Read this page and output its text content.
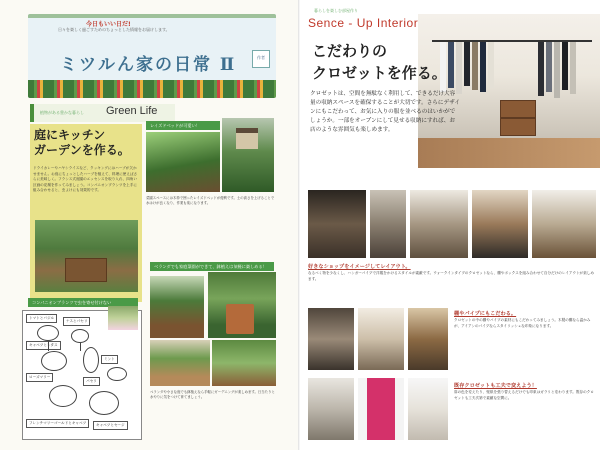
今日もいい日だ!
日々を楽しく過ごすためのちょっとした情報をお届けします。
ミツルん家の日常 Ⅱ	作者
植物がある豊かな暮らし Green Life
庭にキッチン
ガーデンを作る。
ドライカレーやハヤシライスなど、クッキングにはハーブが欠かせません。お庭にちょっとしたハーブを植えて、料理に使えばさらに美味しく。フランス式庭園のエッセンスを取り入れ、四角い区画の花壇を作ってみましょう。コンパニオンプランツを上手に組み合わせると、虫よけにも効果的です。
レイズドベッドが可愛い！
菜園スペースには木枠で囲ったレイズドベッドが便利です。土の高さを上げることで水はけが良くなり、作業も楽になります。
ベランダでも家庭菜園ができて、鉢植えは気軽に楽しめる！
ベランダや小さな庭でも鉢植えなら手軽にガーデニングが楽しめます。日当たりと水やりに気をつけて育てましょう。
コンパニオンプランツで虫を寄せ付けない
トマトとバジル
ナスとパセリ
キャベツとレタス
ミント
パセリ
ローズマリー
フレンチマリーゴールドとキャベツ	キャベツとセージ
暮らしを楽しむ部屋作り
Sence - Up Interior
こだわりの
クロゼットを作る。
クロゼットは、空間を無駄なく利用して、できるだけ大容量の収納スペースを確保することが大切です。さらにデザインにもこだわって、お気に入りの服を並べるのはいかがでしょうか。一部をオープンにして見せる収納にすれば、お店のような雰囲気も楽しめます。
好きなショップをイメージしてレイアウト。
なるべく物を少なくし、ハンガーパイプで洋服をかけるスタイルが素敵です。ウォークインタイプのクロゼットなら、棚やボックスを組み合わせて自分だけのレイアウトが楽しめます。
棚やパイプにもこだわる。
クロゼットの中の棚やパイプの素材にもこだわってみましょう。木製の棚なら温かみが、アイアンのパイプならスタイリッシュな印象になります。
既存クロゼットも工夫で変えよう！
扉の色を変えたり、壁紙を張り替えるだけでも印象はガラリと変わります。既存のクロゼットも工夫次第で素敵な空間に。
